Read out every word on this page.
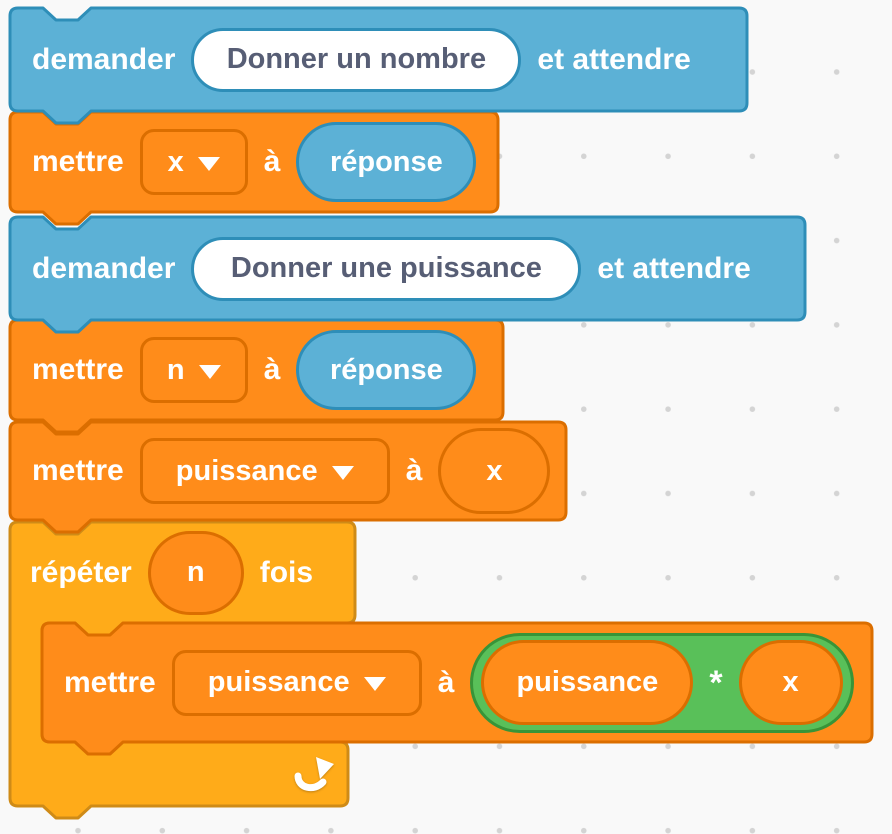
demander Donner un nombre et attendre
mettre x	à réponse
demander Donner une puissance et attendre
mettre n	à réponse
mettre puissance	à x
répéter n fois
mettre puissance	à puissance * x
